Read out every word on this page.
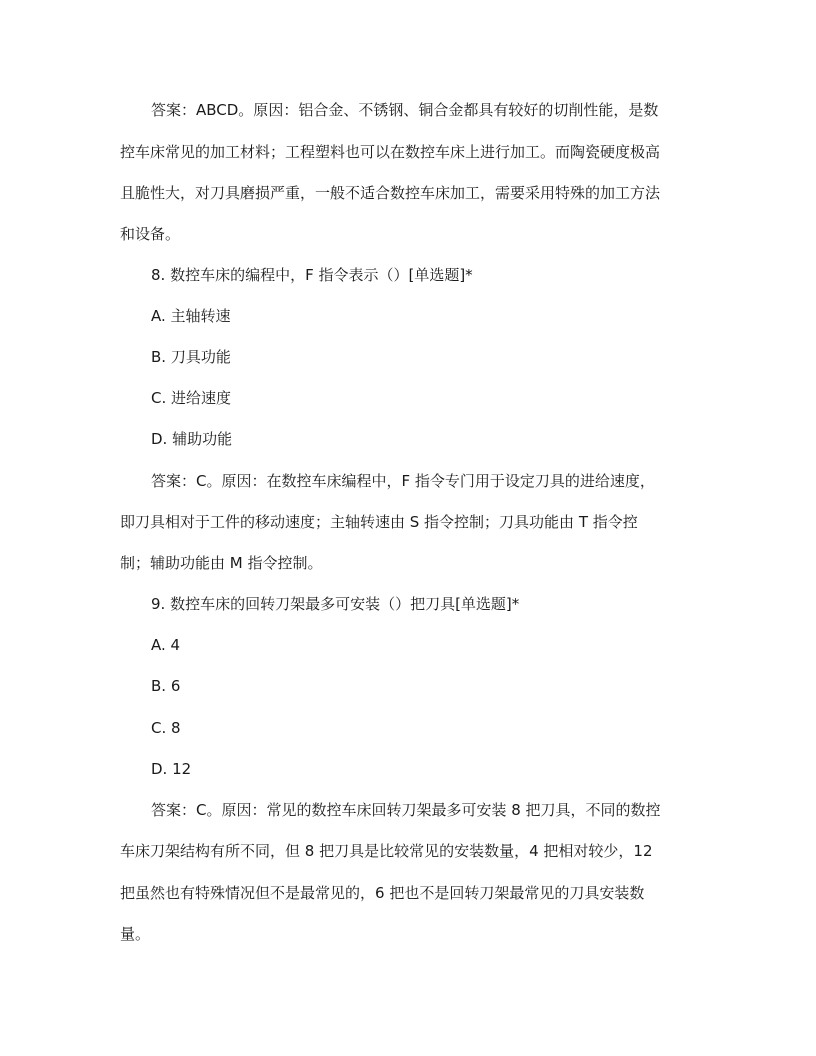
答案：ABCD。原因：铝合金、不锈钢、铜合金都具有较好的切削性能，是数
控车床常见的加工材料；工程塑料也可以在数控车床上进行加工。而陶瓷硬度极高
且脆性大，对刀具磨损严重，一般不适合数控车床加工，需要采用特殊的加工方法
和设备。
8. 数控车床的编程中，F 指令表示（）[单选题]*
A. 主轴转速
B. 刀具功能
C. 进给速度
D. 辅助功能
答案：C。原因：在数控车床编程中，F 指令专门用于设定刀具的进给速度，
即刀具相对于工件的移动速度；主轴转速由 S 指令控制；刀具功能由 T 指令控
制；辅助功能由 M 指令控制。
9. 数控车床的回转刀架最多可安装（）把刀具[单选题]*
A. 4
B. 6
C. 8
D. 12
答案：C。原因：常见的数控车床回转刀架最多可安装 8 把刀具，不同的数控
车床刀架结构有所不同，但 8 把刀具是比较常见的安装数量，4 把相对较少，12
把虽然也有特殊情况但不是最常见的，6 把也不是回转刀架最常见的刀具安装数
量。
